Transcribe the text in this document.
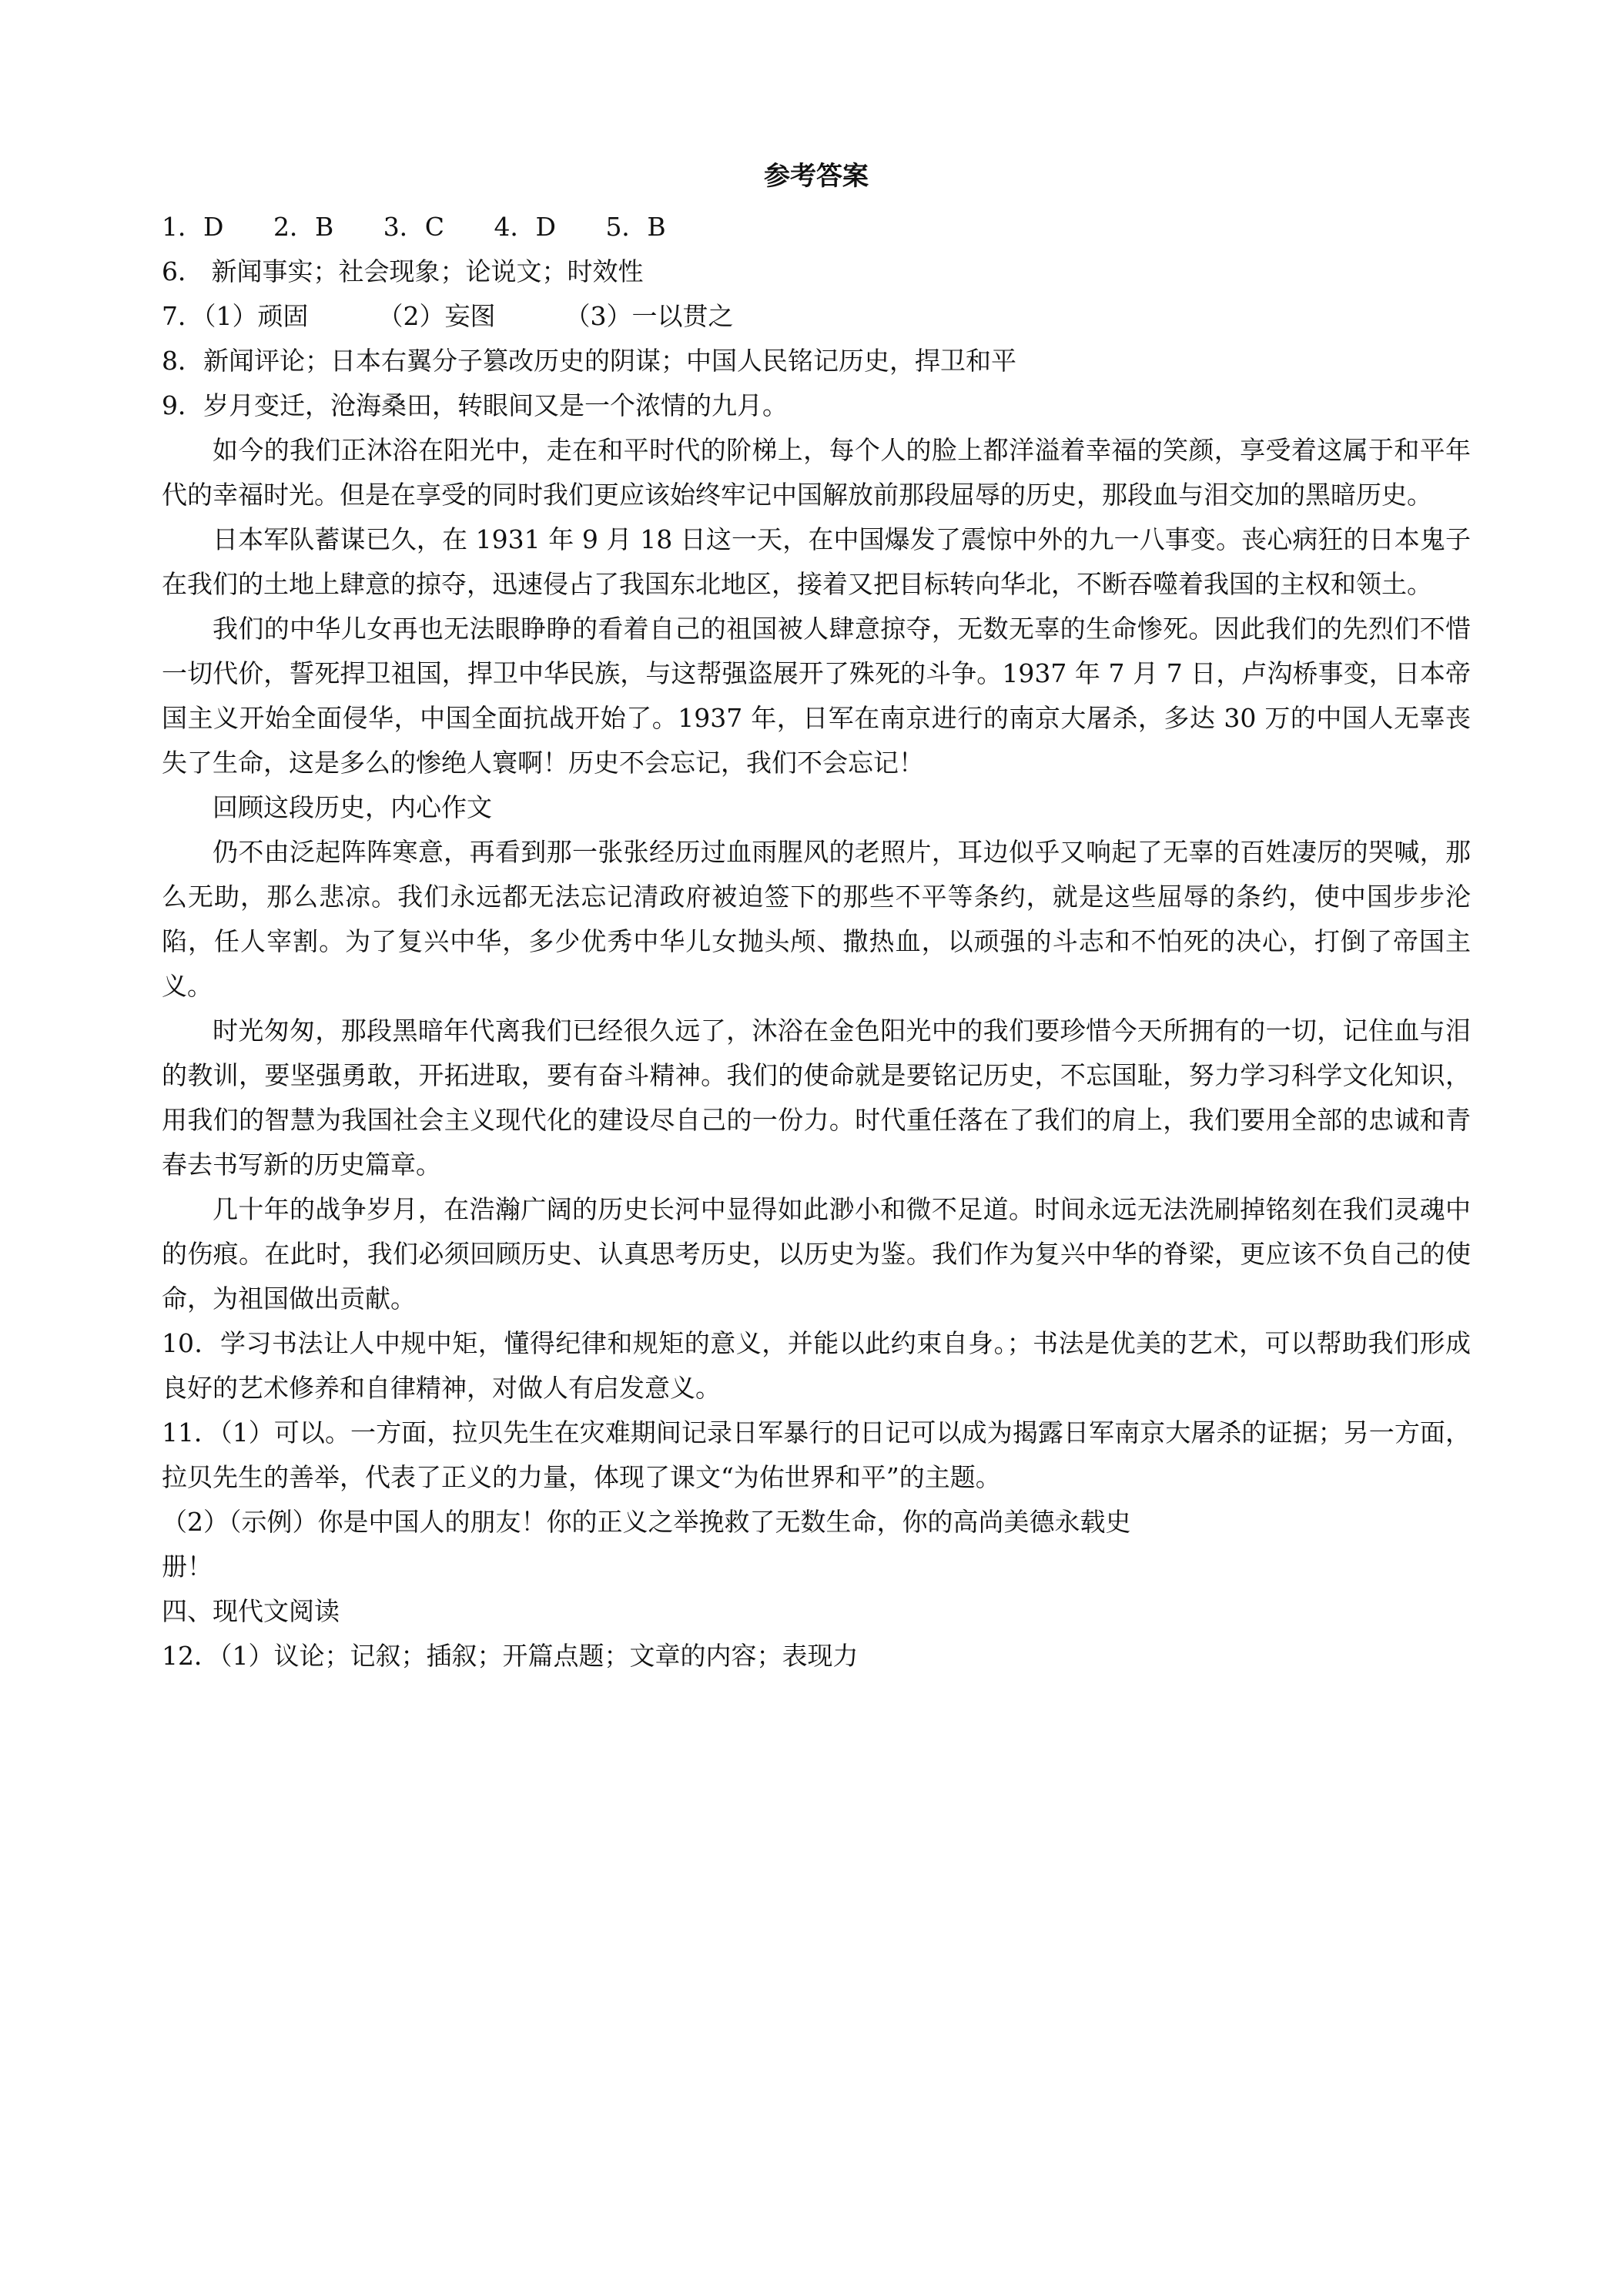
参考答案
1．D 2．B 3．C 4．D 5．B
6． 新闻事实；社会现象；论说文；时效性
7．（1）顽固	（2）妄图	（3）一以贯之
8．新闻评论；日本右翼分子篡改历史的阴谋；中国人民铭记历史，捍卫和平
9．岁月变迁，沧海桑田，转眼间又是一个浓情的九月。

如今的我们正沐浴在阳光中，走在和平时代的阶梯上，每个人的脸上都洋溢着幸福的笑颜，享受着这属于和平年代的幸福时光。但是在享受的同时我们更应该始终牢记中国解放前那段屈辱的历史，那段血与泪交加的黑暗历史。

日本军队蓄谋已久，在 1931 年 9 月 18 日这一天，在中国爆发了震惊中外的九一八事变。丧心病狂的日本鬼子在我们的土地上肆意的掠夺，迅速侵占了我国东北地区，接着又把目标转向华北，不断吞噬着我国的主权和领土。

我们的中华儿女再也无法眼睁睁的看着自己的祖国被人肆意掠夺，无数无辜的生命惨死。因此我们的先烈们不惜一切代价，誓死捍卫祖国，捍卫中华民族，与这帮强盗展开了殊死的斗争。1937 年 7 月 7 日，卢沟桥事变，日本帝国主义开始全面侵华，中国全面抗战开始了。1937 年，日军在南京进行的南京大屠杀，多达 30 万的中国人无辜丧失了生命，这是多么的惨绝人寰啊！历史不会忘记，我们不会忘记！

回顾这段历史，内心作文

仍不由泛起阵阵寒意，再看到那一张张经历过血雨腥风的老照片，耳边似乎又响起了无辜的百姓凄厉的哭喊，那么无助，那么悲凉。我们永远都无法忘记清政府被迫签下的那些不平等条约，就是这些屈辱的条约，使中国步步沦陷，任人宰割。为了复兴中华，多少优秀中华儿女抛头颅、撒热血，以顽强的斗志和不怕死的决心，打倒了帝国主义。

时光匆匆，那段黑暗年代离我们已经很久远了，沐浴在金色阳光中的我们要珍惜今天所拥有的一切，记住血与泪的教训，要坚强勇敢，开拓进取，要有奋斗精神。我们的使命就是要铭记历史，不忘国耻，努力学习科学文化知识，用我们的智慧为我国社会主义现代化的建设尽自己的一份力。时代重任落在了我们的肩上，我们要用全部的忠诚和青春去书写新的历史篇章。

几十年的战争岁月，在浩瀚广阔的历史长河中显得如此渺小和微不足道。时间永远无法洗刷掉铭刻在我们灵魂中的伤痕。在此时，我们必须回顾历史、认真思考历史，以历史为鉴。我们作为复兴中华的脊梁，更应该不负自己的使命，为祖国做出贡献。

10．学习书法让人中规中矩，懂得纪律和规矩的意义，并能以此约束自身。；书法是优美的艺术，可以帮助我们形成良好的艺术修养和自律精神，对做人有启发意义。

11．（1）可以。一方面，拉贝先生在灾难期间记录日军暴行的日记可以成为揭露日军南京大屠杀的证据；另一方面，拉贝先生的善举，代表了正义的力量，体现了课文“为佑世界和平”的主题。

（2）（示例）你是中国人的朋友！你的正义之举挽救了无数生命，你的高尚美德永载史
册！
四、现代文阅读
12．（1）议论；记叙；插叙；开篇点题；文章的内容；表现力
